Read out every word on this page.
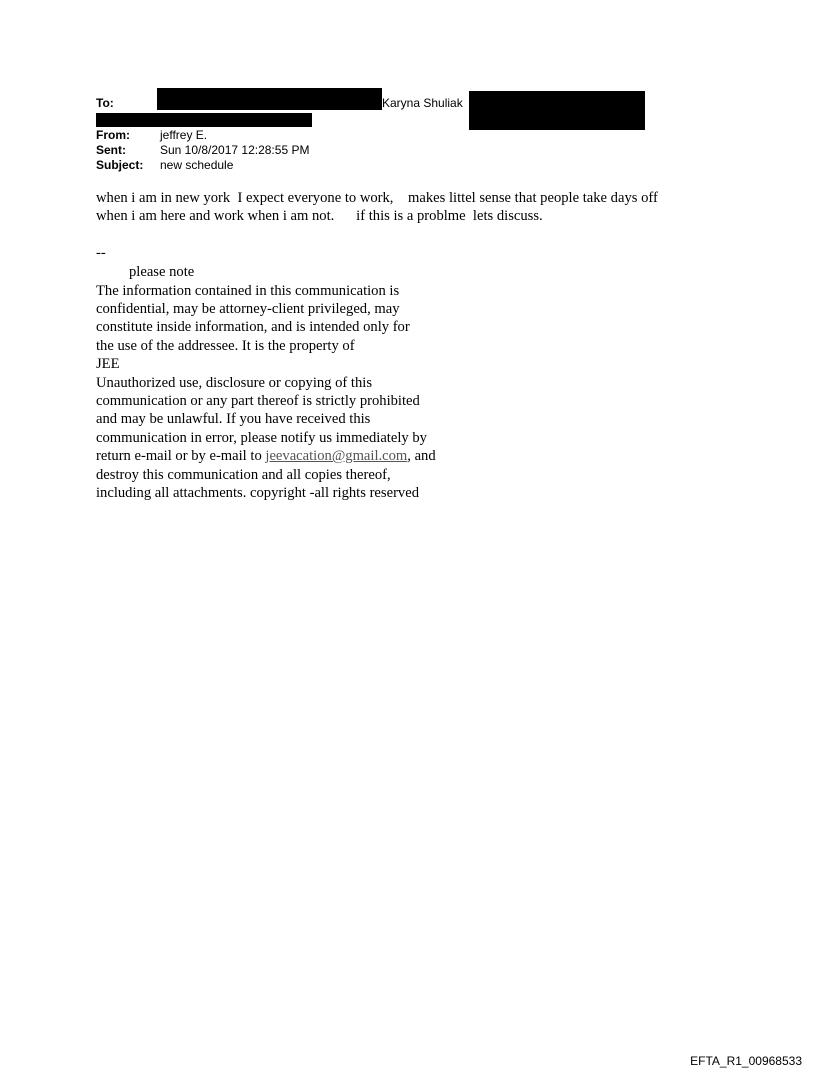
To:	Karyna Shuliak
From:	jeffrey E.
Sent:	Sun 10/8/2017 12:28:55 PM
Subject: new schedule
when i am in new york  I expect everyone to work,    makes littel sense that people take days off
when i am here and work when i am not.      if this is a problme  lets discuss.
--
please note
The information contained in this communication is
confidential, may be attorney-client privileged, may
constitute inside information, and is intended only for
the use of the addressee. It is the property of
JEE
Unauthorized use, disclosure or copying of this
communication or any part thereof is strictly prohibited
and may be unlawful. If you have received this
communication in error, please notify us immediately by
return e-mail or by e-mail to jeevacation@gmail.com, and
destroy this communication and all copies thereof,
including all attachments. copyright -all rights reserved
EFTA_R1_00968533
